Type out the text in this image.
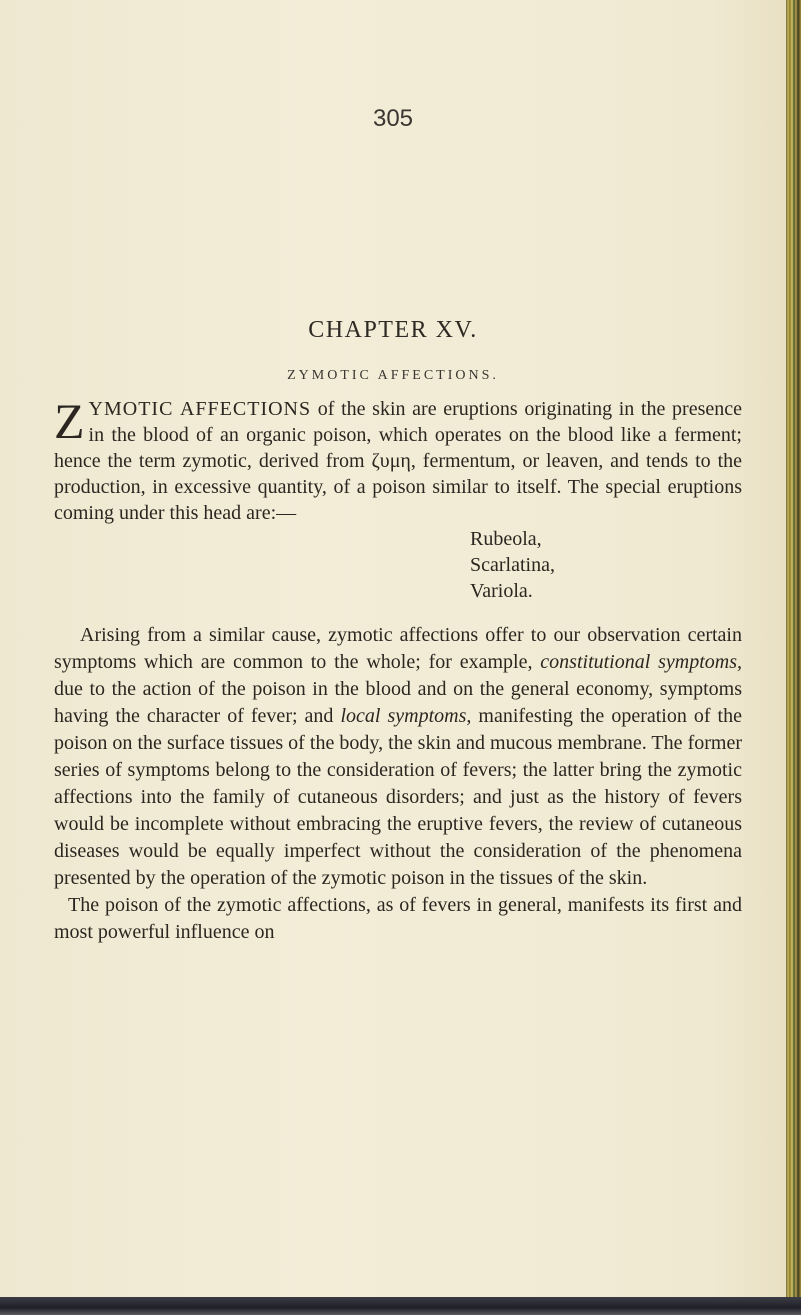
305
CHAPTER XV.
ZYMOTIC AFFECTIONS.

ZYMOTIC AFFECTIONS of the skin are eruptions originating in the presence in the blood of an organic poison, which operates on the blood like a ferment; hence the term zymotic, derived from ζυμη, fermentum, or leaven, and tends to the production, in excessive quantity, of a poison similar to itself. The special eruptions coming under this head are:—

Rubeola,
Scarlatina,
Variola.

Arising from a similar cause, zymotic affections offer to our observation certain symptoms which are common to the whole; for example, constitutional symptoms, due to the action of the poison in the blood and on the general economy, symptoms having the character of fever; and local symptoms, manifesting the operation of the poison on the surface tissues of the body, the skin and mucous membrane. The former series of symptoms belong to the consideration of fevers; the latter bring the zymotic affections into the family of cutaneous disorders; and just as the history of fevers would be incomplete without embracing the eruptive fevers, the review of cutaneous diseases would be equally imperfect without the consideration of the phenomena presented by the operation of the zymotic poison in the tissues of the skin.

The poison of the zymotic affections, as of fevers in general, manifests its first and most powerful influence on
